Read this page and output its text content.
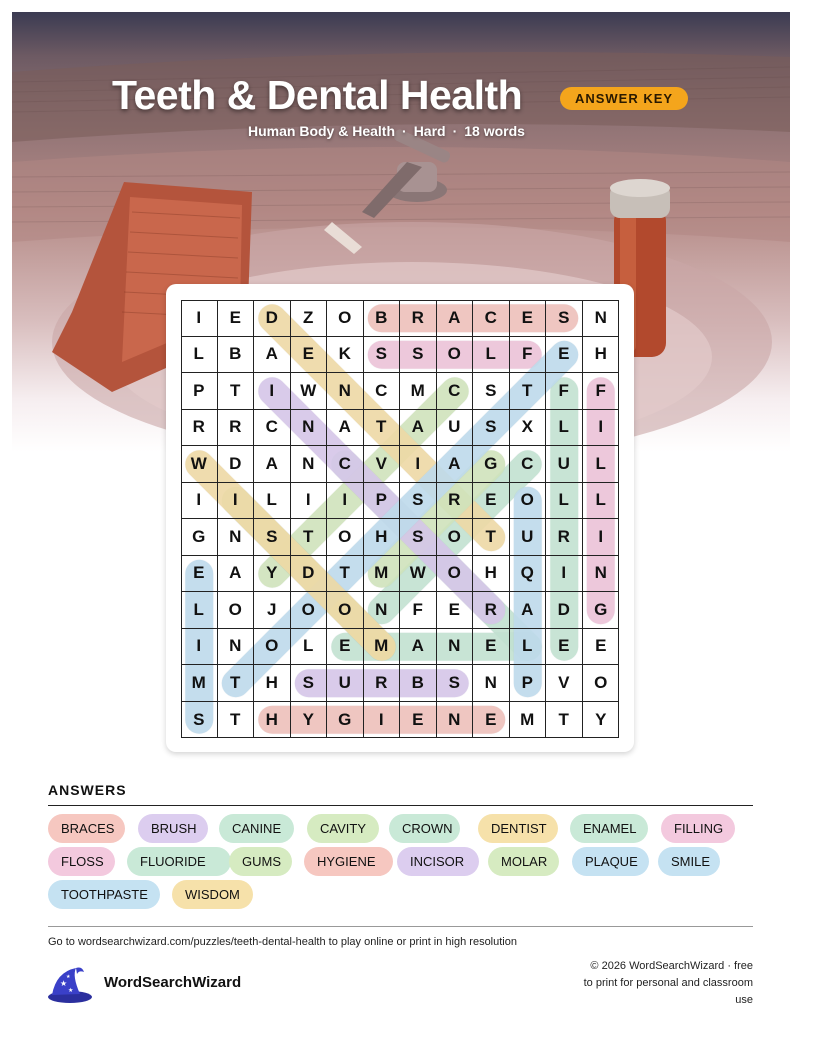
Teeth & Dental Health	ANSWER KEY
Human Body & Health · Hard · 18 words
I	E	D	Z	O	B	R	A	C	E	S	N
L	B	A	E	K	S	S	O	L	F	E	H
P	T	I	W	N	C	M	C	S	T	F	F
R	R	C	N	A	T	A	U	S	X	L	I
W	D	A	N	C	V	I	A	G	C	U	L
I	I	L	I	I	P	S	R	E	O	L	L
G	N	S	T	O	H	S	O	T	U	R	I
E	A	Y	D	T	M	W	O	H	Q	I	N
L	O	J	O	O	N	F	E	R	A	D	G
I	N	O	L	E	M	A	N	E	L	E	E
M	T	H	S	U	R	B	S	N	P	V	O
S	T	H	Y	G	I	E	N	E	M	T	Y
ANSWERS
BRACES	BRUSH	CANINE	CAVITY	CROWN	DENTIST	ENAMEL	FILLING
FLOSS	FLUORIDE	GUMS	HYGIENE	INCISOR	MOLAR	PLAQUE	SMILE
TOOTHPASTE	WISDOM
Go to wordsearchwizard.com/puzzles/teeth-dental-health to play online or print in high resolution
★
★
★ WordSearchWizard
© 2026 WordSearchWizard · free to print for personal and classroom use
